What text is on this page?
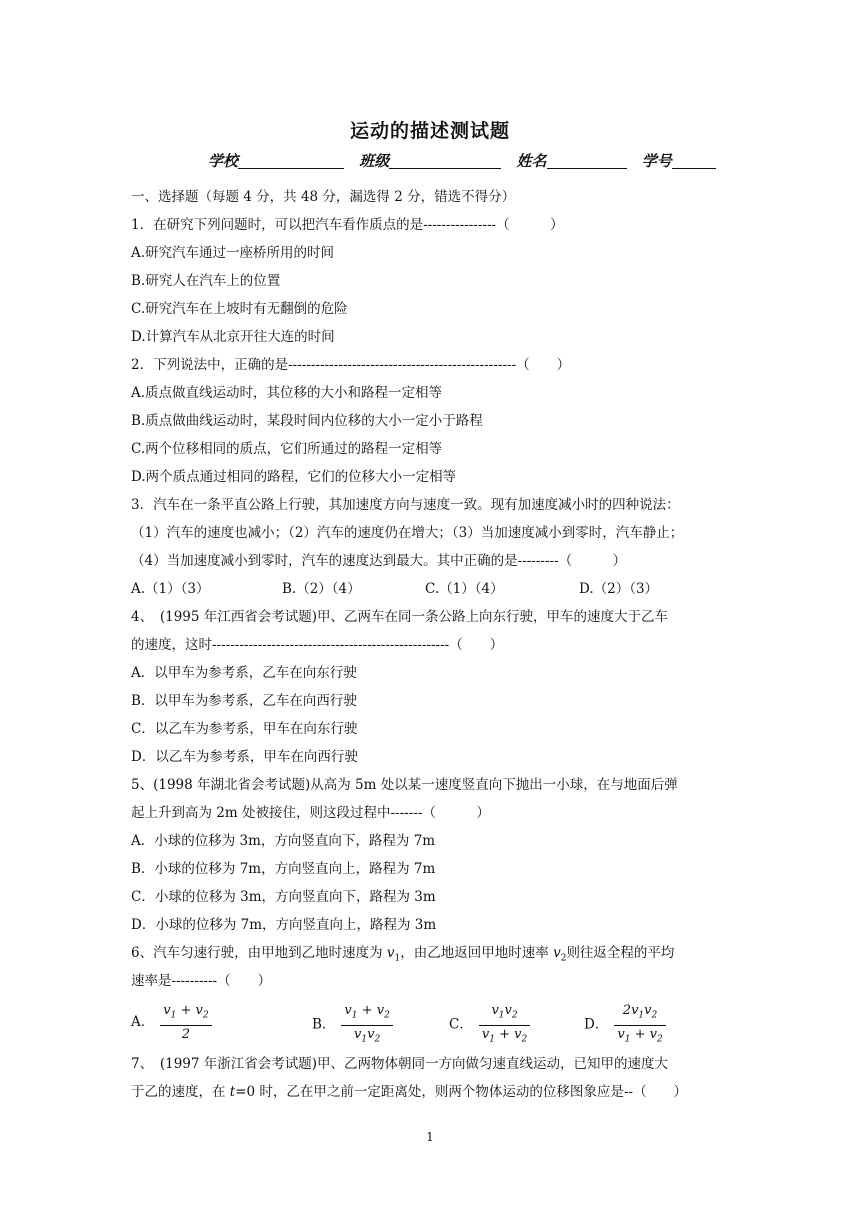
运动的描述测试题
学校	班级	姓名	学号
一、选择题（每题 4 分，共 48 分，漏选得 2 分，错选不得分）
1．在研究下列问题时，可以把汽车看作质点的是----------------（　　　）
A.研究汽车通过一座桥所用的时间
B.研究人在汽车上的位置
C.研究汽车在上坡时有无翻倒的危险
D.计算汽车从北京开往大连的时间
2．下列说法中，正确的是--------------------------------------------------（　　）
A.质点做直线运动时，其位移的大小和路程一定相等
B.质点做曲线运动时，某段时间内位移的大小一定小于路程
C.两个位移相同的质点，它们所通过的路程一定相等
D.两个质点通过相同的路程，它们的位移大小一定相等
3．汽车在一条平直公路上行驶，其加速度方向与速度一致。现有加速度减小时的四种说法：
（1）汽车的速度也减小；（2）汽车的速度仍在增大；（3）当加速度减小到零时，汽车静止；
（4）当加速度减小到零时，汽车的速度达到最大。其中正确的是---------（　　　）
A.（1）（3）	B.（2）（4）	C.（1）（4）	D.（2）（3）
4、　(1995 年江西省会考试题)甲、乙两车在同一条公路上向东行驶，甲车的速度大于乙车
的速度，这时----------------------------------------------------（　　）
A．以甲车为参考系，乙车在向东行驶
B．以甲车为参考系，乙车在向西行驶
C．以乙车为参考系，甲车在向东行驶
D．以乙车为参考系，甲车在向西行驶
5、(1998 年湖北省会考试题)从高为 5m 处以某一速度竖直向下抛出一小球，在与地面后弹
起上升到高为 2m 处被接住，则这段过程中-------（　　　）
A．小球的位移为 3m，方向竖直向下，路程为 7m
B．小球的位移为 7m，方向竖直向上，路程为 7m
C．小球的位移为 3m，方向竖直向下，路程为 3m
D．小球的位移为 7m，方向竖直向上，路程为 3m
6、汽车匀速行驶，由甲地到乙地时速度为 $v_1$，由乙地返回甲地时速率 $v_2$则往返全程的平均
速率是----------（　　）
A． $\frac{v_1 + v_2}{2}$	B． $\frac{v_1 + v_2}{v_1v_2}$	C． $\frac{v_1v_2}{v_1 + v_2}$	D． $\frac{2v_1v_2}{v_1 + v_2}$
7、　(1997 年浙江省会考试题)甲、乙两物体朝同一方向做匀速直线运动，已知甲的速度大
于乙的速度，在 t=0 时，乙在甲之前一定距离处，则两个物体运动的位移图象应是--（　　）
1
